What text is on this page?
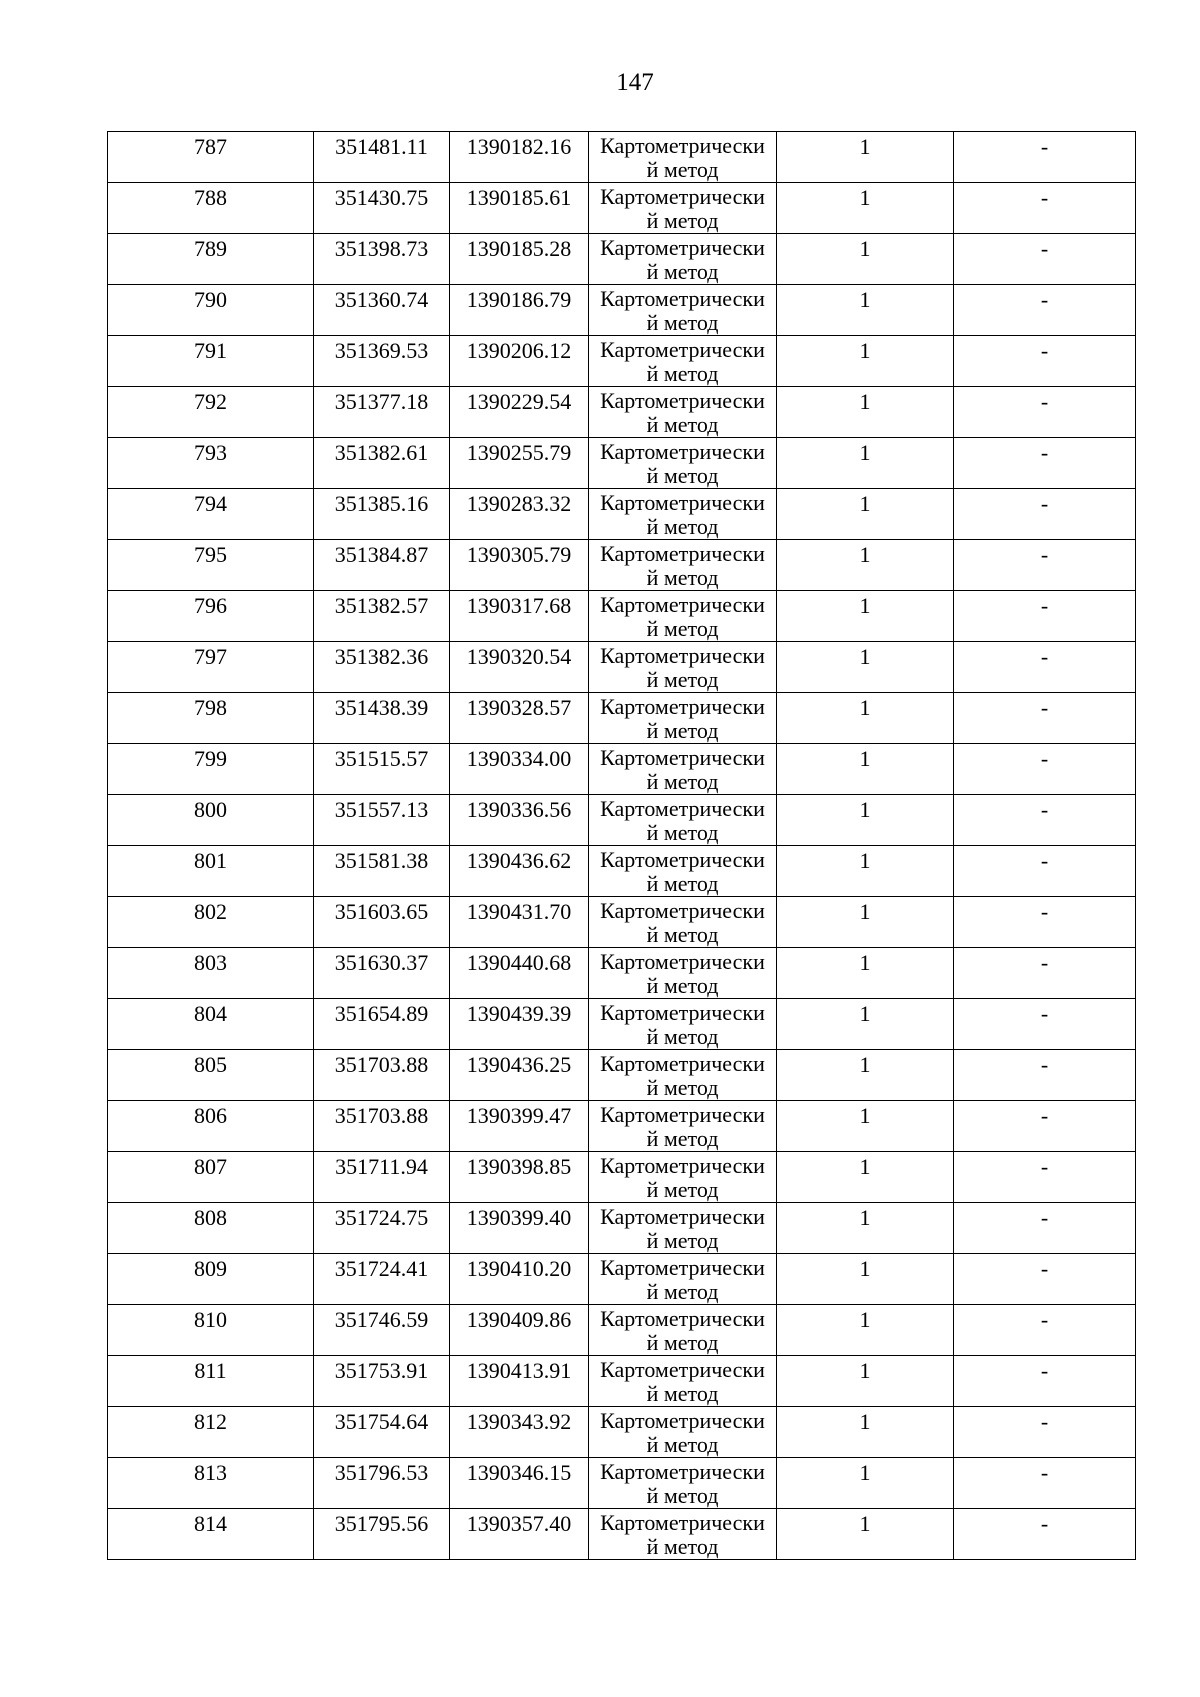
147
787	351481.11	1390182.16	Картометрически
й метод	1	-

788	351430.75	1390185.61	Картометрически
й метод	1	-

789	351398.73	1390185.28	Картометрически
й метод	1	-

790	351360.74	1390186.79	Картометрически
й метод	1	-

791	351369.53	1390206.12	Картометрически
й метод	1	-

792	351377.18	1390229.54	Картометрически
й метод	1	-

793	351382.61	1390255.79	Картометрически
й метод	1	-

794	351385.16	1390283.32	Картометрически
й метод	1	-

795	351384.87	1390305.79	Картометрически
й метод	1	-

796	351382.57	1390317.68	Картометрически
й метод	1	-

797	351382.36	1390320.54	Картометрически
й метод	1	-

798	351438.39	1390328.57	Картометрически
й метод	1	-

799	351515.57	1390334.00	Картометрически
й метод	1	-

800	351557.13	1390336.56	Картометрически
й метод	1	-

801	351581.38	1390436.62	Картометрически
й метод	1	-

802	351603.65	1390431.70	Картометрически
й метод	1	-

803	351630.37	1390440.68	Картометрически
й метод	1	-

804	351654.89	1390439.39	Картометрически
й метод	1	-

805	351703.88	1390436.25	Картометрически
й метод	1	-

806	351703.88	1390399.47	Картометрически
й метод	1	-

807	351711.94	1390398.85	Картометрически
й метод	1	-

808	351724.75	1390399.40	Картометрически
й метод	1	-

809	351724.41	1390410.20	Картометрически
й метод	1	-

810	351746.59	1390409.86	Картометрически
й метод	1	-

811	351753.91	1390413.91	Картометрически
й метод	1	-

812	351754.64	1390343.92	Картометрически
й метод	1	-

813	351796.53	1390346.15	Картометрически
й метод	1	-

814	351795.56	1390357.40	Картометрически
й метод	1	-
